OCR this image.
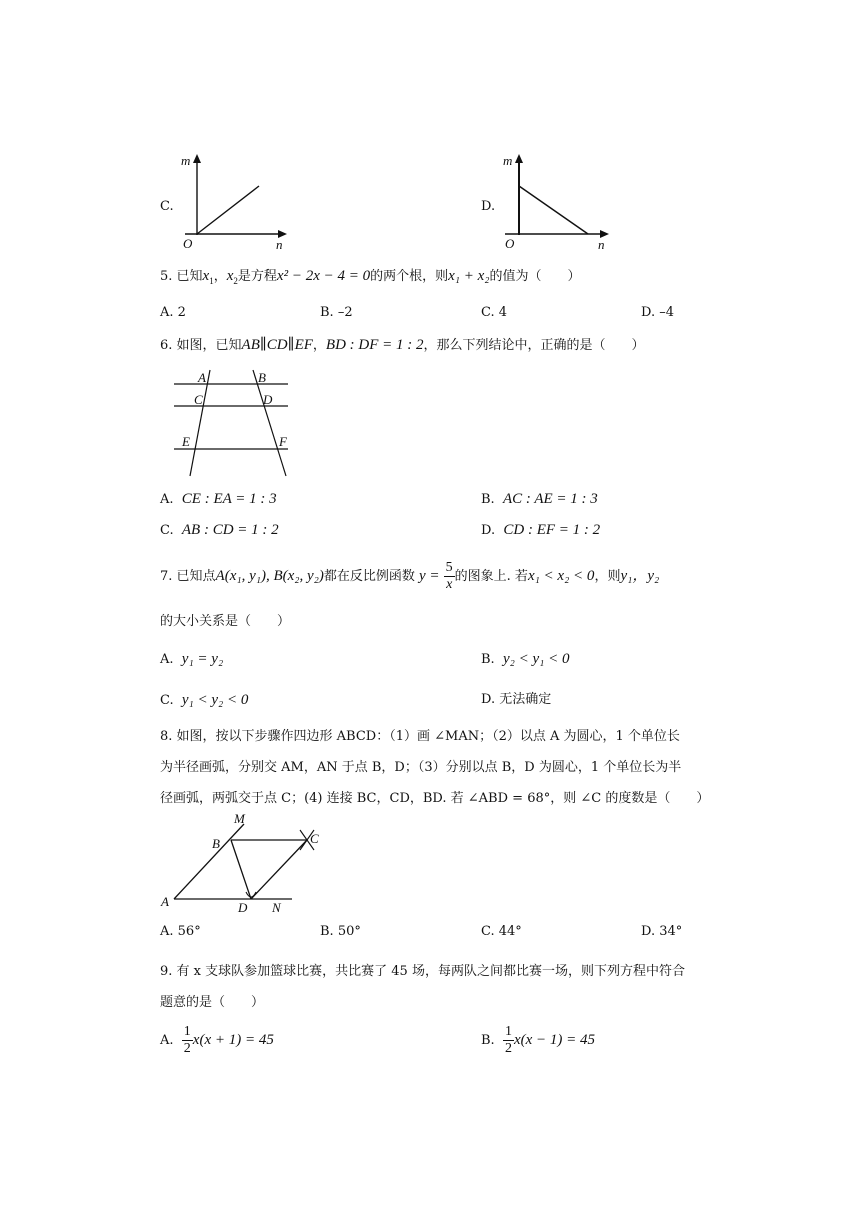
C.
m
n
O
D.
m
n
O
5. 已知$x_1$，$x_2$是方程x² − 2x − 4 = 0的两个根，则x₁ + x₂的值为（　　）
A. 2	B. –2	C. 4	D. –4
6. 如图，已知AB∥CD∥EF，BD : DF = 1 : 2，那么下列结论中，正确的是（　　）
A	B
C	D
E	F
A. CE : EA = 1 : 3	B. AC : AE = 1 : 3
C. AB : CD = 1 : 2	D. CD : EF = 1 : 2
7. 已知点A(x₁, y₁), B(x₂, y₂)都在反比例函数 $y = \frac{5}{x}$ 的图象上. 若x₁ < x₂ < 0，则y₁，y₂
的大小关系是（　　）
A. y₁ = y₂	B. y₂ < y₁ < 0
C. y₁ < y₂ < 0	D. 无法确定
8. 如图，按以下步骤作四边形 ABCD：（1）画 ∠MAN；（2）以点 A 为圆心，1 个单位长
为半径画弧，分别交 AM，AN 于点 B，D；（3）分别以点 B，D 为圆心，1 个单位长为半
径画弧，两弧交于点 C；(4) 连接 BC，CD，BD. 若 ∠ABD = 68°，则 ∠C 的度数是（　　）
M
B	C
A	D N
A. 56°	B. 50°	C. 44°	D. 34°
9. 有 x 支球队参加篮球比赛，共比赛了 45 场，每两队之间都比赛一场，则下列方程中符合
题意的是（　　）
A. $\frac{1}{2} x(x + 1) = 45$	B. $\frac{1}{2} x(x - 1) = 45$
